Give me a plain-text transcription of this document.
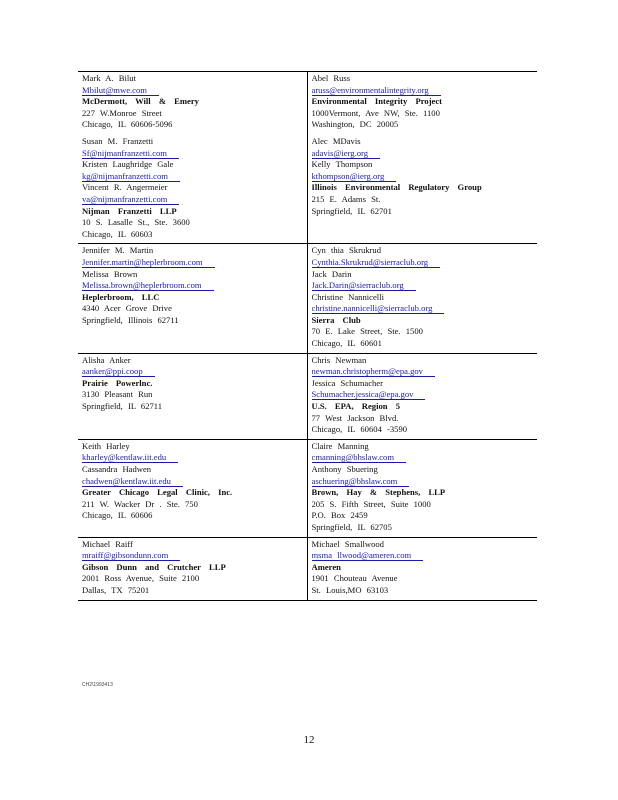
Mark A. Bilut
Mbilut@mwe.com
McDermott, Will & Emery
227 W.Monroe Street
Chicago, IL 60606-5096
Susan M. Franzetti
Sf@nijmanfranzetti.com
Kristen Laughridge Gale
kg@nijmanfranzetti.com
Vincent R. Angermeier
va@nijmanfranzetti.com
Nijman Franzetti LLP
10 S. Lasalle St., Ste. 3600
Chicago, IL 60603
Abel Russ
aruss@environmentalintegrity.org
Environmental Integrity Project
1000Vermont, Ave NW, Ste. 1100
Washington, DC 20005
Alec MDavis
adavis@ierg.org
Kelly Thompson
kthompson@ierg.org
Illinois Environmental Regulatory Group
215 E. Adams St.
Springfield, IL 62701
Jennifer M. Martin
Jennifer.martin@heplerbroom.com
Melissa Brown
Melissa.brown@heplerbroom.com
Heplerbroom, LLC
4340 Acer Grove Drive
Springfield, Illinois 62711
Cyn thia Skrukrud
Cynthia.Skrukrud@sierraclub.org
Jack Darin
Jack.Darin@sierraclub.org
Christine Nannicelli
christine.nannicelli@sierraclub.org
Sierra Club
70 E. Lake Street, Ste. 1500
Chicago, IL 60601
Alisha Anker
aanker@ppi.coop
Prairie Powerlnc.
3130 Pleasant Run
Springfield, IL 62711
Chris Newman
newman.christopherm@epa.gov
Jessica Schumacher
Schumacher.jessica@epa.gov
U.S. EPA, Region 5
77 West Jackson Blvd.
Chicago, IL 60604 -3590
Keith Harley
kharley@kentlaw.iit.edu
Cassandra Hadwen
chadwen@kentlaw.iit.edu
Greater Chicago Legal Clinic, Inc.
211 W. Wacker Dr . Ste. 750
Chicago, IL 60606
Claire Manning
cmanning@bhslaw.com
Anthony Sbuering
aschuering@bhslaw.com
Brown, Hay & Stephens, LLP
205 S. Fifth Street, Suite 1000
P.O. Box 2459
Springfield, IL 62705
Michael Raiff
mraiff@gibsondunn.com
Gibson Dunn and Crutcher LLP
2001 Ross Avenue, Suite 2100
Dallas, TX 75201
Michael Smallwood
msma llwood@ameren.com
Ameren
1901 Chouteau Avenue
St. Louis,MO 63103
CH2\1993413
12
